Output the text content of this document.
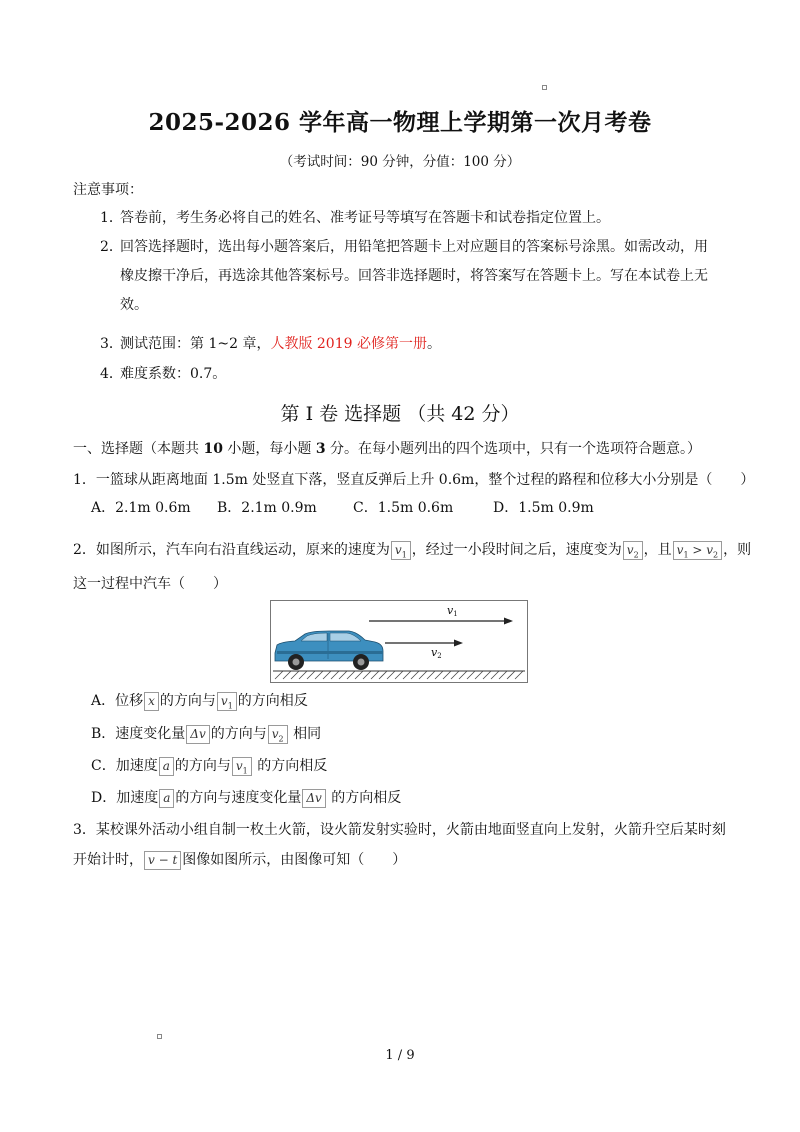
2025-2026 学年高一物理上学期第一次月考卷
（考试时间：90 分钟，分值：100 分）
注意事项：
1．答卷前，考生务必将自己的姓名、准考证号等填写在答题卡和试卷指定位置上。
2．回答选择题时，选出每小题答案后，用铅笔把答题卡上对应题目的答案标号涂黑。如需改动，用
橡皮擦干净后，再选涂其他答案标号。回答非选择题时，将答案写在答题卡上。写在本试卷上无
效。
3．测试范围：第 1~2 章，人教版 2019 必修第一册。
4．难度系数：0.7。
第 I 卷 选择题 （共 42 分）
一、选择题（本题共 10 小题，每小题 3 分。在每小题列出的四个选项中，只有一个选项符合题意。）
1．一篮球从距离地面 1.5m 处竖直下落，竖直反弹后上升 0.6m，整个过程的路程和位移大小分别是（　　）
A．2.1m 0.6m B．2.1m 0.9m	C．1.5m 0.6m	D．1.5m 0.9m
2．如图所示，汽车向右沿直线运动，原来的速度为 $v_1$ ，经过一小段时间之后，速度变为 $v_2$ ，且 $v_1 > v_2$ ，则
这一过程中汽车（　　）
v1
v2
A．位移 x 的方向与 $v_1$ 的方向相反
B．速度变化量 Δv 的方向与 $v_2$ 相同
C．加速度 a 的方向与 $v_1$ 的方向相反
D．加速度 a 的方向与速度变化量 Δv 的方向相反
3．某校课外活动小组自制一枚土火箭，设火箭发射实验时，火箭由地面竖直向上发射，火箭升空后某时刻
开始计时， v − t 图像如图所示，由图像可知（　　）
1 / 9
